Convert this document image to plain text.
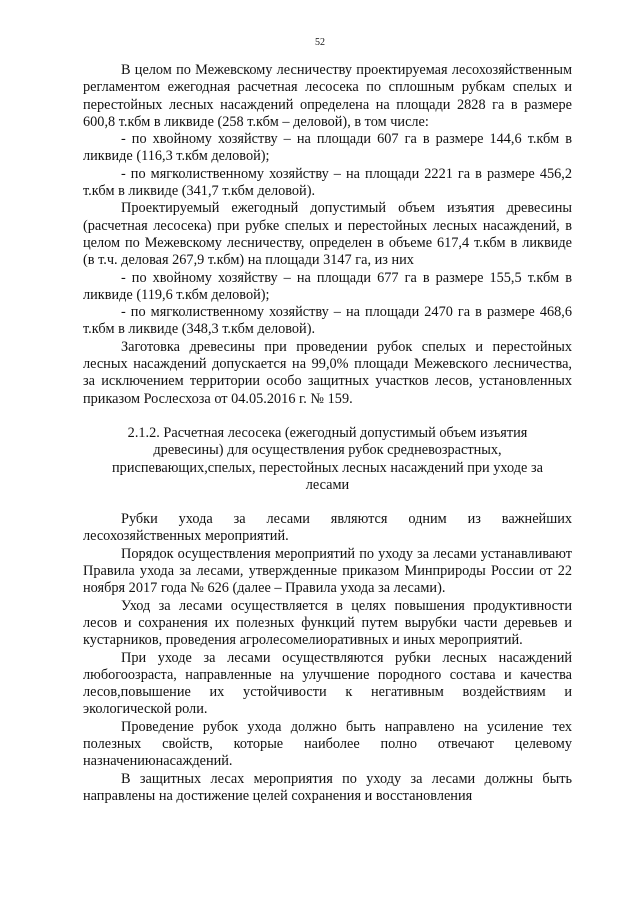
52

В целом по Межевскому лесничеству проектируемая лесохозяйственным регламентом ежегодная расчетная лесосека по сплошным рубкам спелых и перестойных лесных насаждений определена на площади 2828 га в размере 600,8 т.кбм в ликвиде (258 т.кбм – деловой), в том числе:

- по хвойному хозяйству – на площади 607 га в размере 144,6 т.кбм в ликвиде (116,3 т.кбм деловой);

- по мягколиственному хозяйству – на площади 2221 га в размере 456,2 т.кбм в ликвиде (341,7 т.кбм деловой).

Проектируемый ежегодный допустимый объем изъятия древесины (расчетная лесосека) при рубке спелых и перестойных лесных насаждений, в целом по Межевскому лесничеству, определен в объеме 617,4 т.кбм в ликвиде (в т.ч. деловая 267,9 т.кбм) на площади 3147 га, из них

- по хвойному хозяйству – на площади 677 га в размере 155,5 т.кбм в ликвиде (119,6 т.кбм деловой);

- по мягколиственному хозяйству – на площади 2470 га в размере 468,6 т.кбм в ликвиде (348,3 т.кбм деловой).

Заготовка древесины при проведении рубок спелых и перестойных лесных насаждений допускается на 99,0% площади Межевского лесничества, за исключением территории особо защитных участков лесов, установленных приказом Рослесхоза от 04.05.2016 г. № 159.

2.1.2. Расчетная лесосека (ежегодный допустимый объем изъятия древесины) для осуществления рубок средневозрастных, приспевающих,спелых, перестойных лесных насаждений при уходе за лесами

Рубки ухода за лесами являются одним из важнейших лесохозяйственных мероприятий.

Порядок осуществления мероприятий по уходу за лесами устанавливают Правила ухода за лесами, утвержденные приказом Минприроды России от 22 ноября 2017 года № 626 (далее – Правила ухода за лесами).

Уход за лесами осуществляется в целях повышения продуктивности лесов и сохранения их полезных функций путем вырубки части деревьев и кустарников, проведения агролесомелиоративных и иных мероприятий.

При уходе за лесами осуществляются рубки лесных насаждений любогоозраста, направленные на улучшение породного состава и качества лесов,повышение их устойчивости к негативным воздействиям и экологической роли.

Проведение рубок ухода должно быть направлено на усиление тех полезных свойств, которые наиболее полно отвечают целевому назначениюнасаждений.

В защитных лесах мероприятия по уходу за лесами должны быть направлены на достижение целей сохранения и восстановления
